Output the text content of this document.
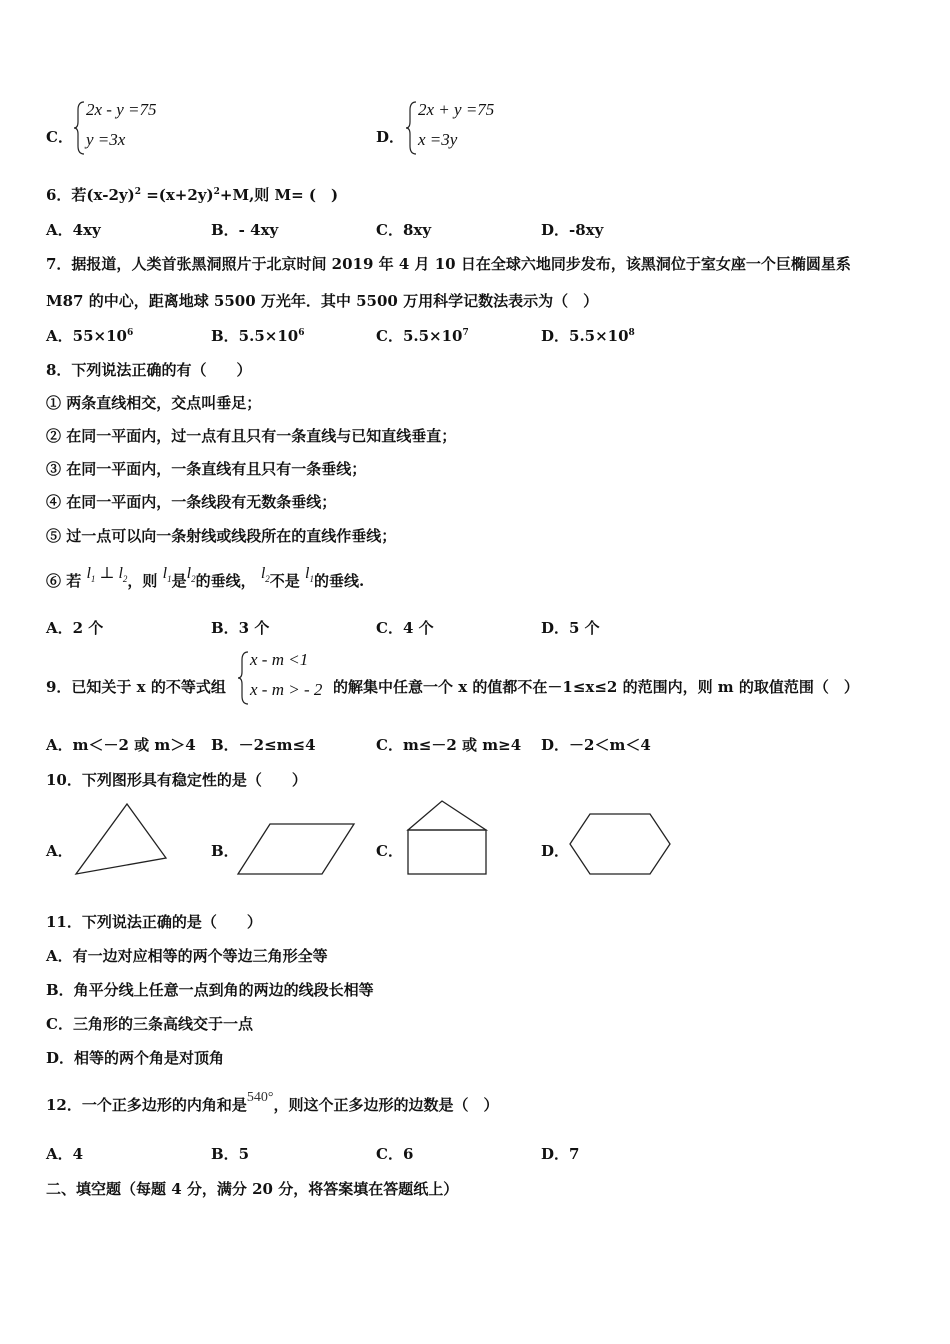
C．
2x - y =75
y =3x	D．
2x + y =75
x =3y
6．若$(x-2y)^2 =(x+2y)^2+M$,则 M= (　)
A．4xy	B．- 4xy	C．8xy	D．-8xy
7．据报道，人类首张黑洞照片于北京时间 2019 年 4 月 10 日在全球六地同步发布，该黑洞位于室女座一个巨椭圆星系
M87 的中心，距离地球 5500 万光年．其中 5500 万用科学记数法表示为（　）
A．$55\times 10^6$	B．$5.5\times 10^6$	C．$5.5\times 10^7$	D．$5.5\times 10^8$
8．下列说法正确的有（　　）
① 两条直线相交，交点叫垂足；
② 在同一平面内，过一点有且只有一条直线与已知直线垂直；
③ 在同一平面内，一条直线有且只有一条垂线；
④ 在同一平面内，一条线段有无数条垂线；
⑤ 过一点可以向一条射线或线段所在的直线作垂线；
⑥ 若 $l_1$ ⊥ $l_2$，则 $l_1$是$l_2$的垂线， $l_2$不是 $l_1$的垂线.
A．2 个	B．3 个	C．4 个	D．5 个
9．已知关于 x 的不等式组
x - m <1
x - m > - 2 的解集中任意一个 x 的值都不在－1≤x≤2 的范围内，则 m 的取值范围（　）
A．m＜－2 或 m＞4 B．－2≤m≤4	C．m≤－2 或 m≥4 D．－2＜m＜4
10．下列图形具有稳定性的是（　　）
A．	B．	C．	D．
11．下列说法正确的是（　　）
A．有一边对应相等的两个等边三角形全等
B．角平分线上任意一点到角的两边的线段长相等
C．三角形的三条高线交于一点
D．相等的两个角是对顶角
12．一个正多边形的内角和是540°，则这个正多边形的边数是（　）
A．4	B．5	C．6	D．7
二、填空题（每题 4 分，满分 20 分，将答案填在答题纸上）
